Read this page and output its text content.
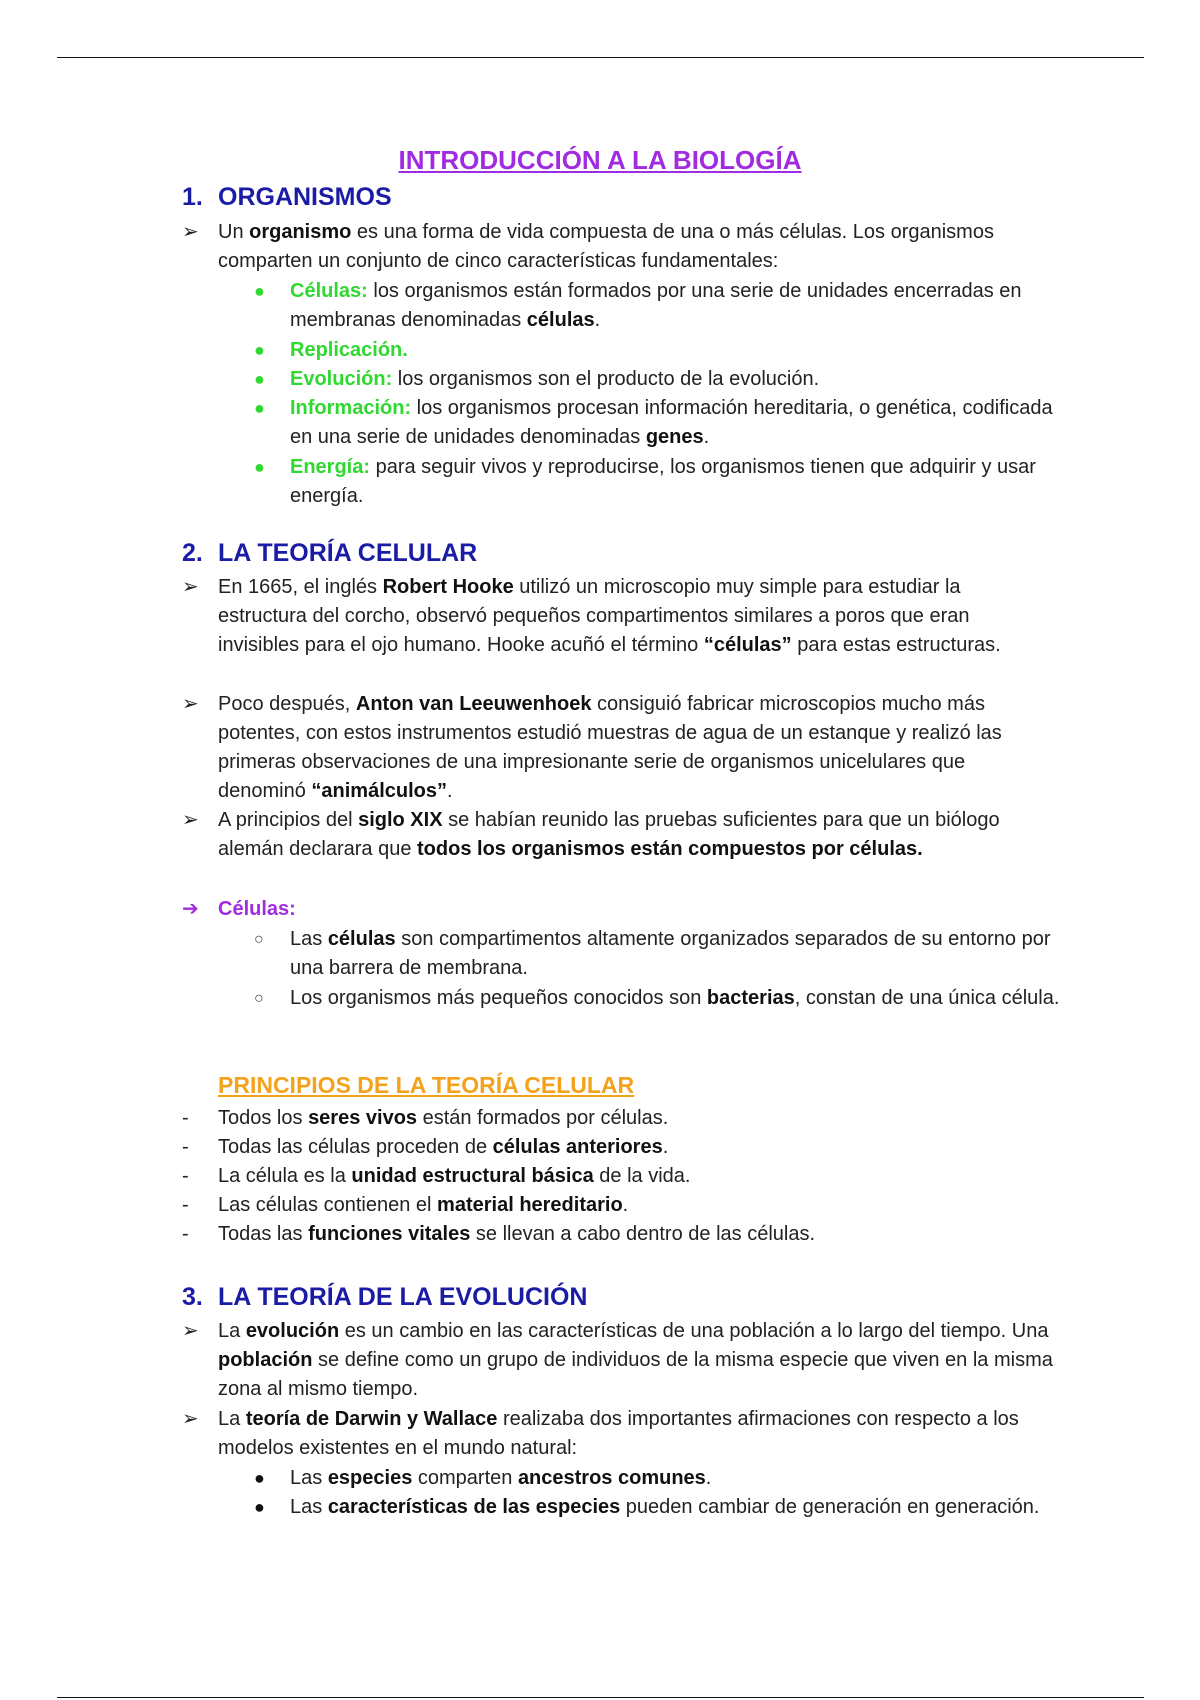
INTRODUCCIÓN A LA BIOLOGÍA
1. ORGANISMOS
➢ Un organismo es una forma de vida compuesta de una o más células. Los organismos comparten un conjunto de cinco características fundamentales:
●	Células: los organismos están formados por una serie de unidades encerradas en membranas denominadas células.
●	Replicación.
●	Evolución: los organismos son el producto de la evolución.
●	Información: los organismos procesan información hereditaria, o genética, codificada en una serie de unidades denominadas genes.
●	Energía: para seguir vivos y reproducirse, los organismos tienen que adquirir y usar energía.
2. LA TEORÍA CELULAR
➢ En 1665, el inglés Robert Hooke utilizó un microscopio muy simple para estudiar la estructura del corcho, observó pequeños compartimentos similares a poros que eran invisibles para el ojo humano. Hooke acuñó el término “células” para estas estructuras.
➢ Poco después, Anton van Leeuwenhoek consiguió fabricar microscopios mucho más potentes, con estos instrumentos estudió muestras de agua de un estanque y realizó las primeras observaciones de una impresionante serie de organismos unicelulares que denominó “animálculos”.
➢ A principios del siglo XIX se habían reunido las pruebas suficientes para que un biólogo alemán declarara que todos los organismos están compuestos por células.
➔ Células:
○	Las células son compartimentos altamente organizados separados de su entorno por una barrera de membrana.
○	Los organismos más pequeños conocidos son bacterias, constan de una única célula.
PRINCIPIOS DE LA TEORÍA CELULAR
-	Todos los seres vivos están formados por células.
-	Todas las células proceden de células anteriores.
-	La célula es la unidad estructural básica de la vida.
-	Las células contienen el material hereditario.
-	Todas las funciones vitales se llevan a cabo dentro de las células.
3. LA TEORÍA DE LA EVOLUCIÓN
➢ La evolución es un cambio en las características de una población a lo largo del tiempo. Una población se define como un grupo de individuos de la misma especie que viven en la misma zona al mismo tiempo.
➢ La teoría de Darwin y Wallace realizaba dos importantes afirmaciones con respecto a los modelos existentes en el mundo natural:
●	Las especies comparten ancestros comunes.
●	Las características de las especies pueden cambiar de generación en generación.
